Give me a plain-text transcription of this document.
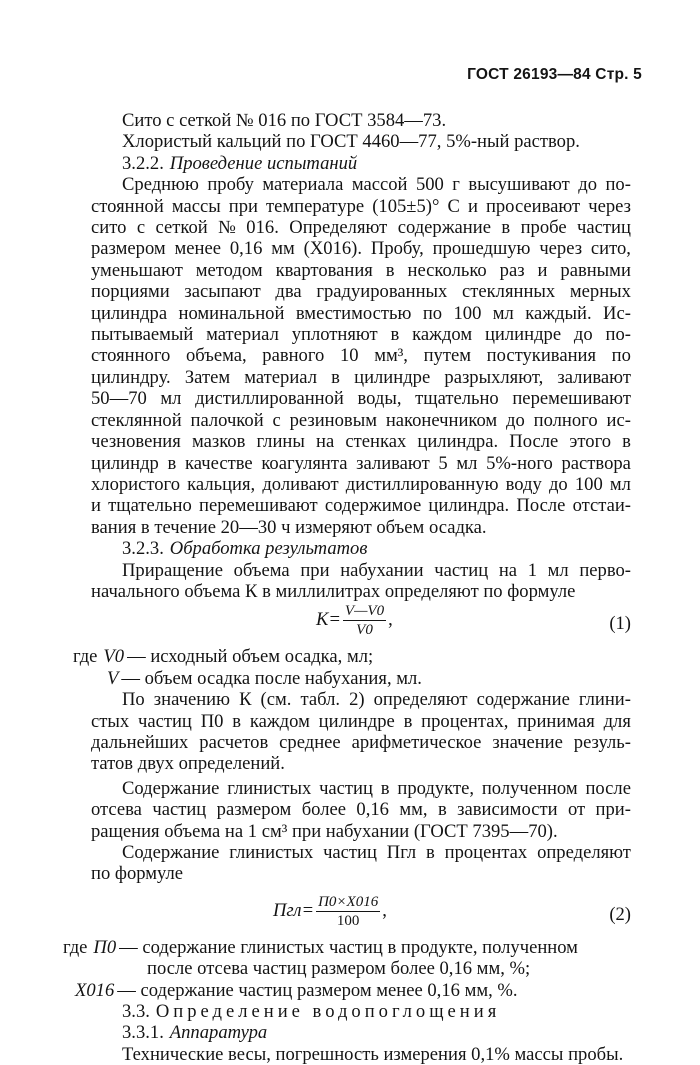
ГОСТ 26193—84 Стр. 5
Сито с сеткой № 016 по ГОСТ 3584—73.
Хлористый кальций по ГОСТ 4460—77, 5%-ный раствор.
3.2.2. Проведение испытаний
Среднюю пробу материала массой 500 г высушивают до по-
стоянной массы при температуре (105±5)° С и просеивают через
сито с сеткой № 016. Определяют содержание в пробе частиц
размером менее 0,16 мм (Х016). Пробу, прошедшую через сито,
уменьшают методом квартования в несколько раз и равными
порциями засыпают два градуированных стеклянных мерных
цилиндра номинальной вместимостью по 100 мл каждый. Ис-
пытываемый материал уплотняют в каждом цилиндре до по-
стоянного объема, равного 10 мм³, путем постукивания по
цилиндру. Затем материал в цилиндре разрыхляют, заливают
50—70 мл дистиллированной воды, тщательно перемешивают
стеклянной палочкой с резиновым наконечником до полного ис-
чезновения мазков глины на стенках цилиндра. После этого в
цилиндр в качестве коагулянта заливают 5 мл 5%-ного раствора
хлористого кальция, доливают дистиллированную воду до 100 мл
и тщательно перемешивают содержимое цилиндра. После отстаи-
вания в течение 20—30 ч измеряют объем осадка.
3.2.3. Обработка результатов
Приращение объема при набухании частиц на 1 мл перво-
начального объема К в миллилитрах определяют по формуле
$К= \frac{V—V0}{V0}$ ,	(1)
где V0 — исходный объем осадка, мл;
V — объем осадка после набухания, мл.
По значению К (см. табл. 2) определяют содержание глини-
стых частиц П0 в каждом цилиндре в процентах, принимая для
дальнейших расчетов среднее арифметическое значение резуль-
татов двух определений.
Содержание глинистых частиц в продукте, полученном после
отсева частиц размером более 0,16 мм, в зависимости от при-
ращения объема на 1 см³ при набухании (ГОСТ 7395—70).
Содержание глинистых частиц Пгл в процентах определяют
по формуле
$Пгл= \frac{П0\times Х016}{100}$ ,	(2)
где П0 — содержание глинистых частиц в продукте, полученном
после отсева частиц размером более 0,16 мм, %;
Х016 — содержание частиц размером менее 0,16 мм, %.
3.3. Определение водопоглощения
3.3.1. Аппаратура
Технические весы, погрешность измерения 0,1% массы пробы.
